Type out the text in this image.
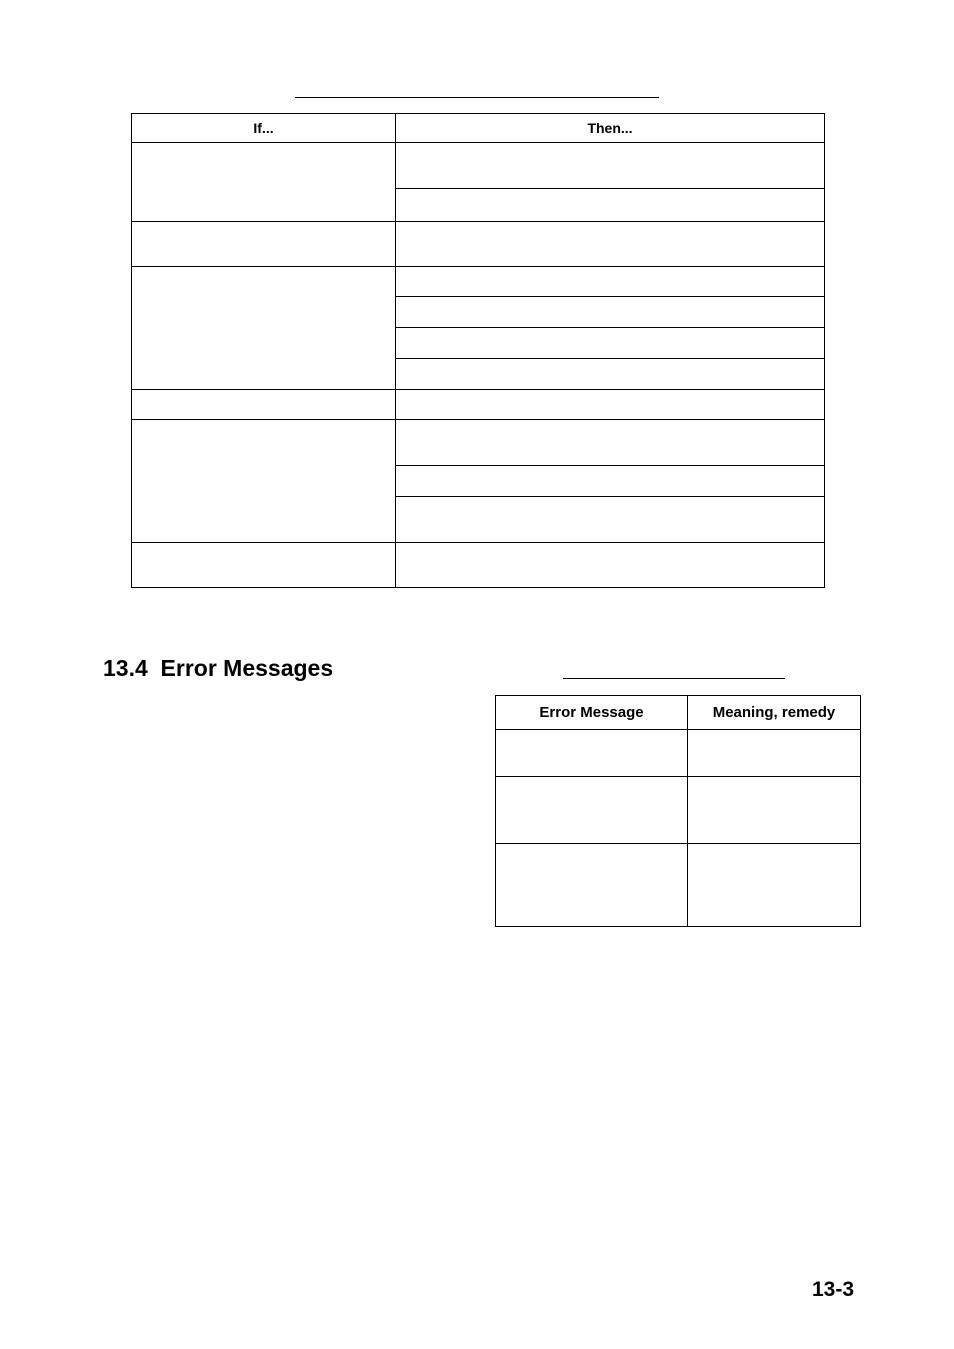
If...	Then...

13.4 Error Messages
Error Message	Meaning, remedy

13-3
